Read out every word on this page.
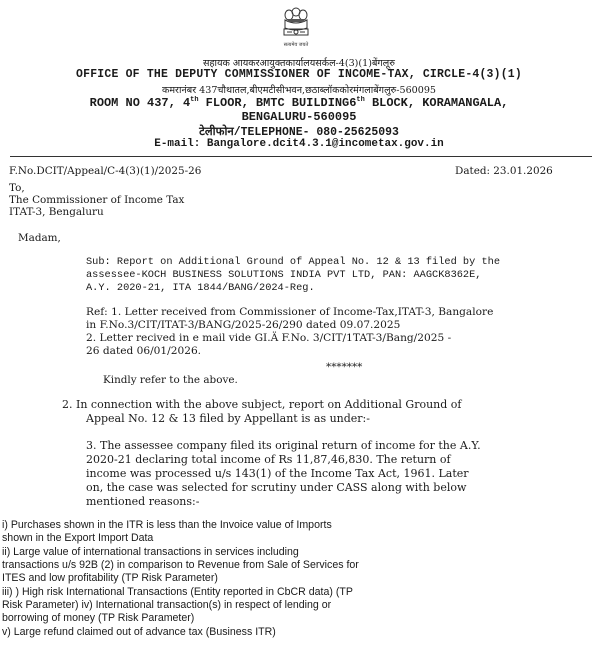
सत्यमेव जयते
सहायक आयकरआयुक्तकार्यालयसर्कल-4(3)(1)बेंगलूरु
OFFICE OF THE DEPUTY COMMISSIONER OF INCOME-TAX, CIRCLE-4(3)(1)
कमरानंबर 437चौथातल,बीएमटीसीभवन,छठाब्लॉककोरमंगलाबेंगलुरु-560095
ROOM NO 437, 4th FLOOR, BMTC BUILDING6th BLOCK, KORAMANGALA,
BENGALURU-560095
टेलीफोन/TELEPHONE- 080-25625093
E-mail: Bangalore.dcit4.3.1@incometax.gov.in
F.No.DCIT/Appeal/C-4(3)(1)/2025-26	Dated: 23.01.2026
To,
The Commissioner of Income Tax
ITAT-3, Bengaluru
Madam,
Sub: Report on Additional Ground of Appeal No. 12 & 13 filed by the
assessee-KOCH BUSINESS SOLUTIONS INDIA PVT LTD, PAN: AAGCK8362E,
A.Y. 2020-21, ITA 1844/BANG/2024-Reg.
Ref: 1. Letter received from Commissioner of Income-Tax,ITAT-3, Bangalore
in F.No.3/CIT/ITAT-3/BANG/2025-26/290 dated 09.07.2025
2. Letter recived in e mail vide GI.Ä F.No. 3/CIT/1TAT-3/Bang/2025 -
26 dated 06/01/2026.
*******
Kindly refer to the above.
2. In connection with the above subject, report on Additional Ground of
Appeal No. 12 & 13 filed by Appellant is as under:-
3. The assessee company filed its original return of income for the A.Y.
2020-21 declaring total income of Rs 11,87,46,830. The return of
income was processed u/s 143(1) of the Income Tax Act, 1961. Later
on, the case was selected for scrutiny under CASS along with below
mentioned reasons:-
i) Purchases shown in the ITR is less than the Invoice value of Imports
shown in the Export Import Data
ii) Large value of international transactions in services including
transactions u/s 92B (2) in comparison to Revenue from Sale of Services for
ITES and low profitability (TP Risk Parameter)
iii) ) High risk International Transactions (Entity reported in CbCR data) (TP
Risk Parameter) iv) International transaction(s) in respect of lending or
borrowing of money (TP Risk Parameter)
v) Large refund claimed out of advance tax (Business ITR)
